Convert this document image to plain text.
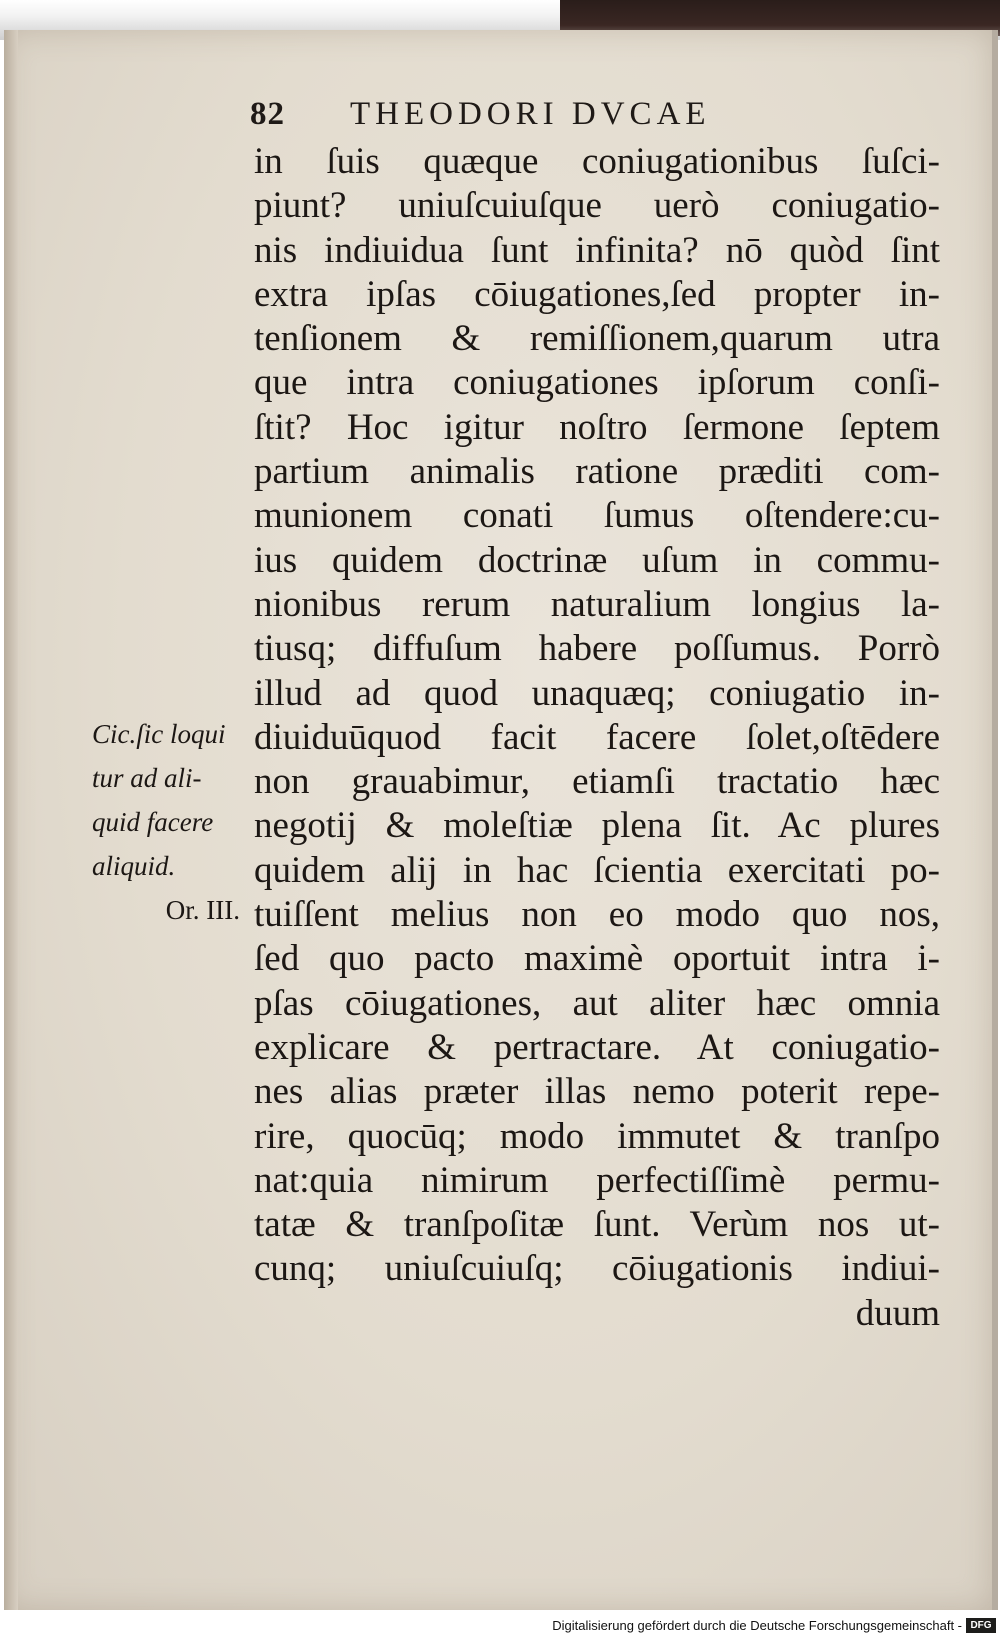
82	THEODORI DVCAE
in ſuis quæque coniugationibus ſuſci-
piunt? uniuſcuiuſque uerò coniugatio-
nis indiuidua ſunt infinita? nō quòd ſint
extra ipſas cōiugationes,ſed propter in-
tenſionem & remiſſionem,quarum utra
que intra coniugationes ipſorum conſi-
ſtit? Hoc igitur noſtro ſermone ſeptem
partium animalis ratione præditi com-
munionem conati ſumus oſtendere:cu-
ius quidem doctrinæ uſum in commu-
nionibus rerum naturalium longius la-
tiusq; diffuſum habere poſſumus. Porrò
illud ad quod unaquæq; coniugatio in-
diuiduūquod facit facere ſolet,oſtēdere
non grauabimur, etiamſi tractatio hæc
negotij & moleſtiæ plena ſit. Ac plures
quidem alij in hac ſcientia exercitati po-
tuiſſent melius non eo modo quo nos,
ſed quo pacto maximè oportuit intra i-
pſas cōiugationes, aut aliter hæc omnia
explicare & pertractare. At coniugatio-
nes alias præter illas nemo poterit repe-
rire, quocūq; modo immutet & tranſpo
nat:quia nimirum perfectiſſimè permu-
tatæ & tranſpoſitæ ſunt. Verùm nos ut-
cunq; uniuſcuiuſq; cōiugationis indiui-
duum
Cic.ſic loqui
tur ad ali-
quid facere
aliquid.
Or. III.
Digitalisierung gefördert durch die Deutsche Forschungsgemeinschaft - DFG
